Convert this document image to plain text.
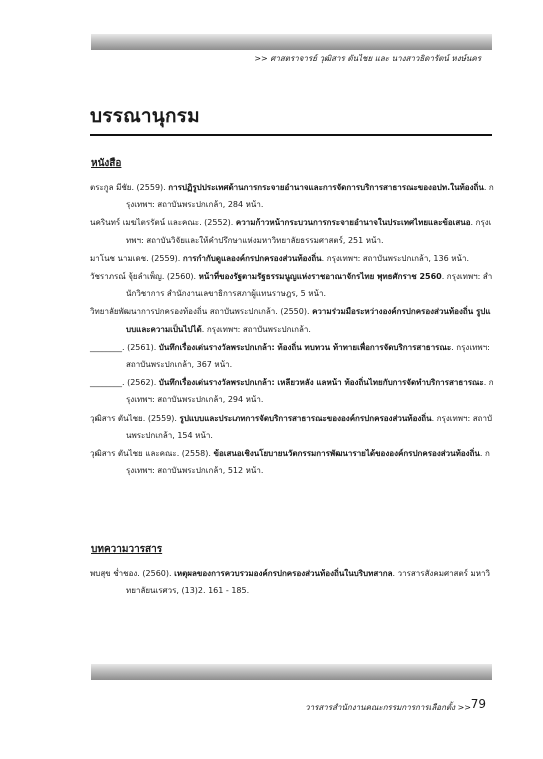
>> ศาสตราจารย์ วุฒิสาร ตันไชย และ นางสาวธิดารัตน์ หงษ์นคร
บรรณานุกรม
หนังสือ
ตระกูล มีชัย. (2559). การปฏิรูปประเทศด้านการกระจายอำนาจและการจัดการบริการสาธารณะของอปท.ในท้องถิ่น. กรุงเทพฯ: สถาบันพระปกเกล้า, 284 หน้า.
นครินทร์ เมฆไตรรัตน์ และคณะ. (2552). ความก้าวหน้ากระบวนการกระจายอำนาจในประเทศไทยและข้อเสนอ. กรุงเทพฯ: สถาบันวิจัยและให้คำปรึกษาแห่งมหาวิทยาลัยธรรมศาสตร์, 251 หน้า.
มาโนช นามเดช. (2559). การกำกับดูแลองค์กรปกครองส่วนท้องถิ่น. กรุงเทพฯ: สถาบันพระปกเกล้า, 136 หน้า.
วัชราภรณ์ จุ้ยลำเพ็ญ. (2560). หน้าที่ของรัฐตามรัฐธรรมนูญแห่งราชอาณาจักรไทย พุทธศักราช 2560. กรุงเทพฯ: สำนักวิชาการ สำนักงานเลขาธิการสภาผู้แทนราษฎร, 5 หน้า.
วิทยาลัยพัฒนาการปกครองท้องถิ่น สถาบันพระปกเกล้า. (2550). ความร่วมมือระหว่างองค์กรปกครองส่วนท้องถิ่น รูปแบบและความเป็นไปได้. กรุงเทพฯ: สถาบันพระปกเกล้า.
________. (2561). บันทึกเรื่องเด่นรางวัลพระปกเกล้า: ท้องถิ่น ทบทวน ท้าทายเพื่อการจัดบริการสาธารณะ. กรุงเทพฯ: สถาบันพระปกเกล้า, 367 หน้า.
________. (2562). บันทึกเรื่องเด่นรางวัลพระปกเกล้า: เหลียวหลัง แลหน้า ท้องถิ่นไทยกับการจัดทำบริการสาธารณะ. กรุงเทพฯ: สถาบันพระปกเกล้า, 294 หน้า.
วุฒิสาร ตันไชย. (2559). รูปแบบและประเภทการจัดบริการสาธารณะขององค์กรปกครองส่วนท้องถิ่น. กรุงเทพฯ: สถาบันพระปกเกล้า, 154 หน้า.
วุฒิสาร ตันไชย และคณะ. (2558). ข้อเสนอเชิงนโยบายนวัตกรรมการพัฒนารายได้ขององค์กรปกครองส่วนท้องถิ่น. กรุงเทพฯ: สถาบันพระปกเกล้า, 512 หน้า.
บทความวารสาร
พบสุข ช่ำชอง. (2560). เหตุผลของการควบรวมองค์กรปกครองส่วนท้องถิ่นในบริบทสากล. วารสารสังคมศาสตร์ มหาวิทยาลัยนเรศวร, (13)2. 161 - 185.
วารสารสำนักงานคณะกรรมการการเลือกตั้ง >> 79
